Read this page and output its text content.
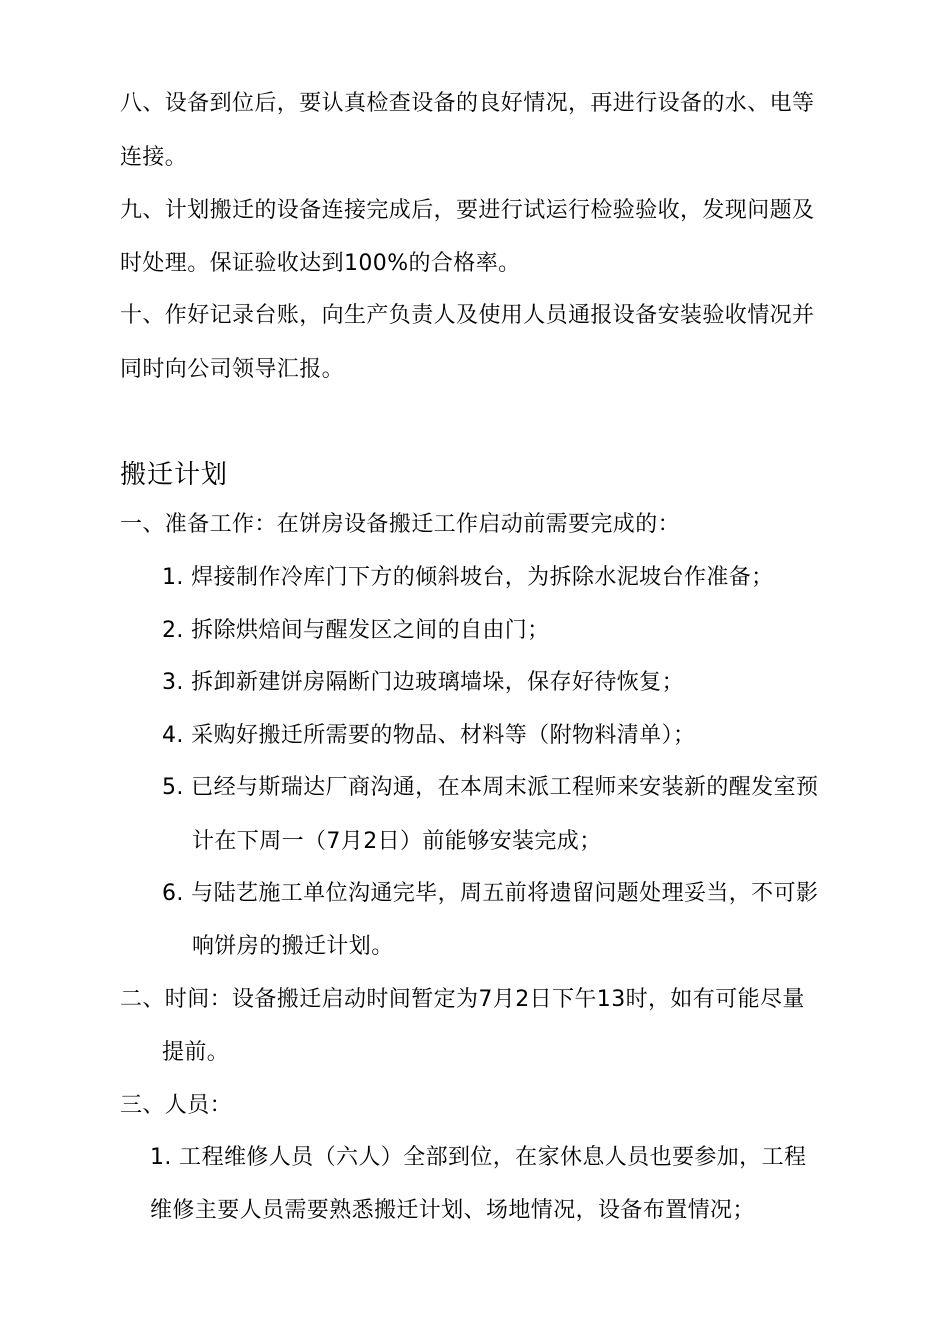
八、设备到位后，要认真检查设备的良好情况，再进行设备的水、电等
连接。
九、计划搬迁的设备连接完成后，要进行试运行检验验收，发现问题及
时处理。保证验收达到100%的合格率。
十、作好记录台账，向生产负责人及使用人员通报设备安装验收情况并
同时向公司领导汇报。
搬迁计划
一、准备工作：在饼房设备搬迁工作启动前需要完成的：
1. 焊接制作冷库门下方的倾斜坡台，为拆除水泥坡台作准备；
2. 拆除烘焙间与醒发区之间的自由门；
3. 拆卸新建饼房隔断门边玻璃墙垛，保存好待恢复；
4. 采购好搬迁所需要的物品、材料等（附物料清单）；
5. 已经与斯瑞达厂商沟通，在本周末派工程师来安装新的醒发室预
计在下周一（7月2日）前能够安装完成；
6. 与陆艺施工单位沟通完毕，周五前将遗留问题处理妥当，不可影
响饼房的搬迁计划。
二、时间：设备搬迁启动时间暂定为7月2日下午13时，如有可能尽量
提前。
三、人员：
1. 工程维修人员（六人）全部到位，在家休息人员也要参加，工程
维修主要人员需要熟悉搬迁计划、场地情况，设备布置情况；
